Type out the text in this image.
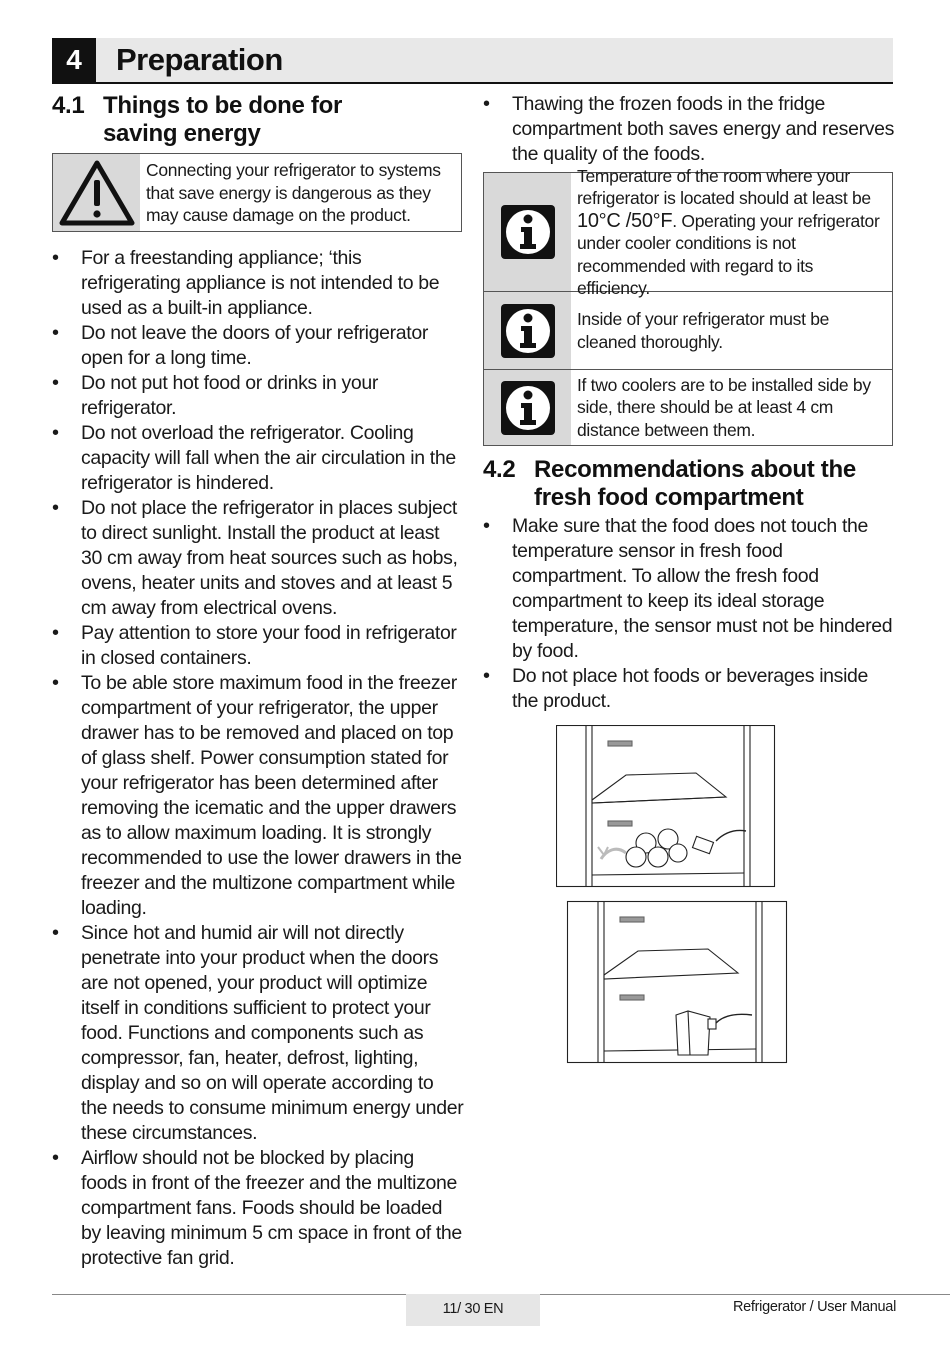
4	Preparation
4.1 Things to be done for
saving energy
Connecting your refrigerator to systems that save energy is dangerous as they may cause damage on the product.
• For a freestanding appliance; ‘this refrigerating appliance is not intended to be used as a built-in appliance.
• Do not leave the doors of your refrigerator open for a long time.
• Do not put hot food or drinks in your refrigerator.
• Do not overload the refrigerator. Cooling capacity will fall when the air circulation in the refrigerator is hindered.
• Do not place the refrigerator in places subject to direct sunlight. Install the product at least 30 cm away from heat sources such as hobs, ovens, heater units and stoves and at least 5 cm away from electrical ovens.
• Pay attention to store your food in refrigerator in closed containers.
• To be able store maximum food in the freezer compartment of your refrigerator, the upper drawer has to be removed and placed on top of glass shelf. Power consumption stated for your refrigerator has been determined after removing the icematic and the upper drawers as to allow maximum loading. It is strongly recommended to use the lower drawers in the freezer and the multizone compartment while loading.
• Since hot and humid air will not directly penetrate into your product when the doors are not opened, your product will optimize itself in conditions sufficient to protect your food. Functions and components such as compressor, fan, heater, defrost, lighting, display and so on will operate according to the needs to consume minimum energy under these circumstances.
• Airflow should not be blocked by placing foods in front of the freezer and the multizone compartment fans. Foods should be loaded by leaving minimum 5 cm space in front of the protective fan grid.
• Thawing the frozen foods in the fridge compartment both saves energy and reserves the quality of the foods.
Temperature of the room where your refrigerator is located should at least be 10°C /50°F. Operating your refrigerator under cooler conditions is not recommended with regard to its efficiency.
Inside of your refrigerator must be cleaned thoroughly.
If two coolers are to be installed side by side, there should be at least 4 cm distance between them.
4.2 Recommendations about the
fresh food compartment
• Make sure that the food does not touch the temperature sensor in fresh food compartment. To allow the fresh food compartment to keep its ideal storage temperature, the sensor must not be hindered by food.
• Do not place hot foods or beverages inside the product.
11/ 30 EN	Refrigerator / User Manual
